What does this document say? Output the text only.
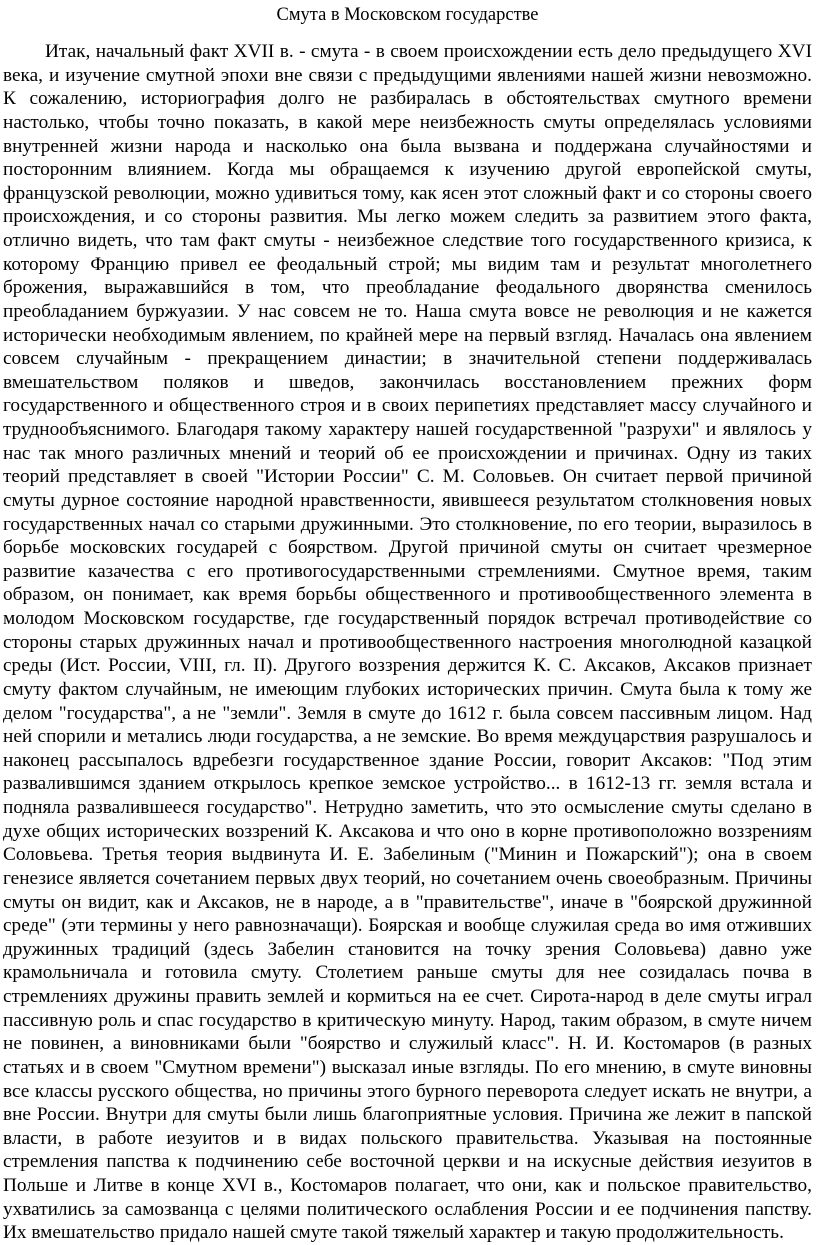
Смута в Московском государстве

Итак, начальный факт XVII в. - смута - в своем происхождении есть дело предыдущего XVI века, и изучение смутной эпохи вне связи с предыдущими явлениями нашей жизни невозможно. К сожалению, историография долго не разбиралась в обстоятельствах смутного времени настолько, чтобы точно показать, в какой мере неизбежность смуты определялась условиями внутренней жизни народа и насколько она была вызвана и поддержана случайностями и посторонним влиянием. Когда мы обращаемся к изучению другой европейской смуты, французской революции, можно удивиться тому, как ясен этот сложный факт и со стороны своего происхождения, и со стороны развития. Мы легко можем следить за развитием этого факта, отлично видеть, что там факт смуты - неизбежное следствие того государственного кризиса, к которому Францию привел ее феодальный строй; мы видим там и результат многолетнего брожения, выражавшийся в том, что преобладание феодального дворянства сменилось преобладанием буржуазии. У нас совсем не то. Наша смута вовсе не революция и не кажется исторически необходимым явлением, по крайней мере на первый взгляд. Началась она явлением совсем случайным - прекращением династии; в значительной степени поддерживалась вмешательством поляков и шведов, закончилась восстановлением прежних форм государственного и общественного строя и в своих перипетиях представляет массу случайного и труднообъяснимого. Благодаря такому характеру нашей государственной "разрухи" и являлось у нас так много различных мнений и теорий об ее происхождении и причинах. Одну из таких теорий представляет в своей "Истории России" С. М. Соловьев. Он считает первой причиной смуты дурное состояние народной нравственности, явившееся результатом столкновения новых государственных начал со старыми дружинными. Это столкновение, по его теории, выразилось в борьбе московских государей с боярством. Другой причиной смуты он считает чрезмерное развитие казачества с его противогосударственными стремлениями. Смутное время, таким образом, он понимает, как время борьбы общественного и противообщественного элемента в молодом Московском государстве, где государственный порядок встречал противодействие со стороны старых дружинных начал и противообщественного настроения многолюдной казацкой среды (Ист. России, VIII, гл. II). Другого воззрения держится К. С. Аксаков, Аксаков признает смуту фактом случайным, не имеющим глубоких исторических причин. Смута была к тому же делом "государства", а не "земли". Земля в смуте до 1612 г. была совсем пассивным лицом. Над ней спорили и метались люди государства, а не земские. Во время междуцарствия разрушалось и наконец рассыпалось вдребезги государственное здание России, говорит Аксаков: "Под этим развалившимся зданием открылось крепкое земское устройство... в 1612-13 гг. земля встала и подняла развалившееся государство". Нетрудно заметить, что это осмысление смуты сделано в духе общих исторических воззрений К. Аксакова и что оно в корне противоположно воззрениям Соловьева. Третья теория выдвинута И. Е. Забелиным ("Минин и Пожарский"); она в своем генезисе является сочетанием первых двух теорий, но сочетанием очень своеобразным. Причины смуты он видит, как и Аксаков, не в народе, а в "правительстве", иначе в "боярской дружинной среде" (эти термины у него равнозначащи). Боярская и вообще служилая среда во имя отживших дружинных традиций (здесь Забелин становится на точку зрения Соловьева) давно уже крамольничала и готовила смуту. Столетием раньше смуты для нее созидалась почва в стремлениях дружины править землей и кормиться на ее счет. Сирота-народ в деле смуты играл пассивную роль и спас государство в критическую минуту. Народ, таким образом, в смуте ничем не повинен, а виновниками были "боярство и служилый класс". Н. И. Костомаров (в разных статьях и в своем "Смутном времени") высказал иные взгляды. По его мнению, в смуте виновны все классы русского общества, но причины этого бурного переворота следует искать не внутри, а вне России. Внутри для смуты были лишь благоприятные условия. Причина же лежит в папской власти, в работе иезуитов и в видах польского правительства. Указывая на постоянные стремления папства к подчинению себе восточной церкви и на искусные действия иезуитов в Польше и Литве в конце XVI в., Костомаров полагает, что они, как и польское правительство, ухватились за самозванца с целями политического ослабления России и ее подчинения папству. Их вмешательство придало нашей смуте такой тяжелый характер и такую продолжительность.
